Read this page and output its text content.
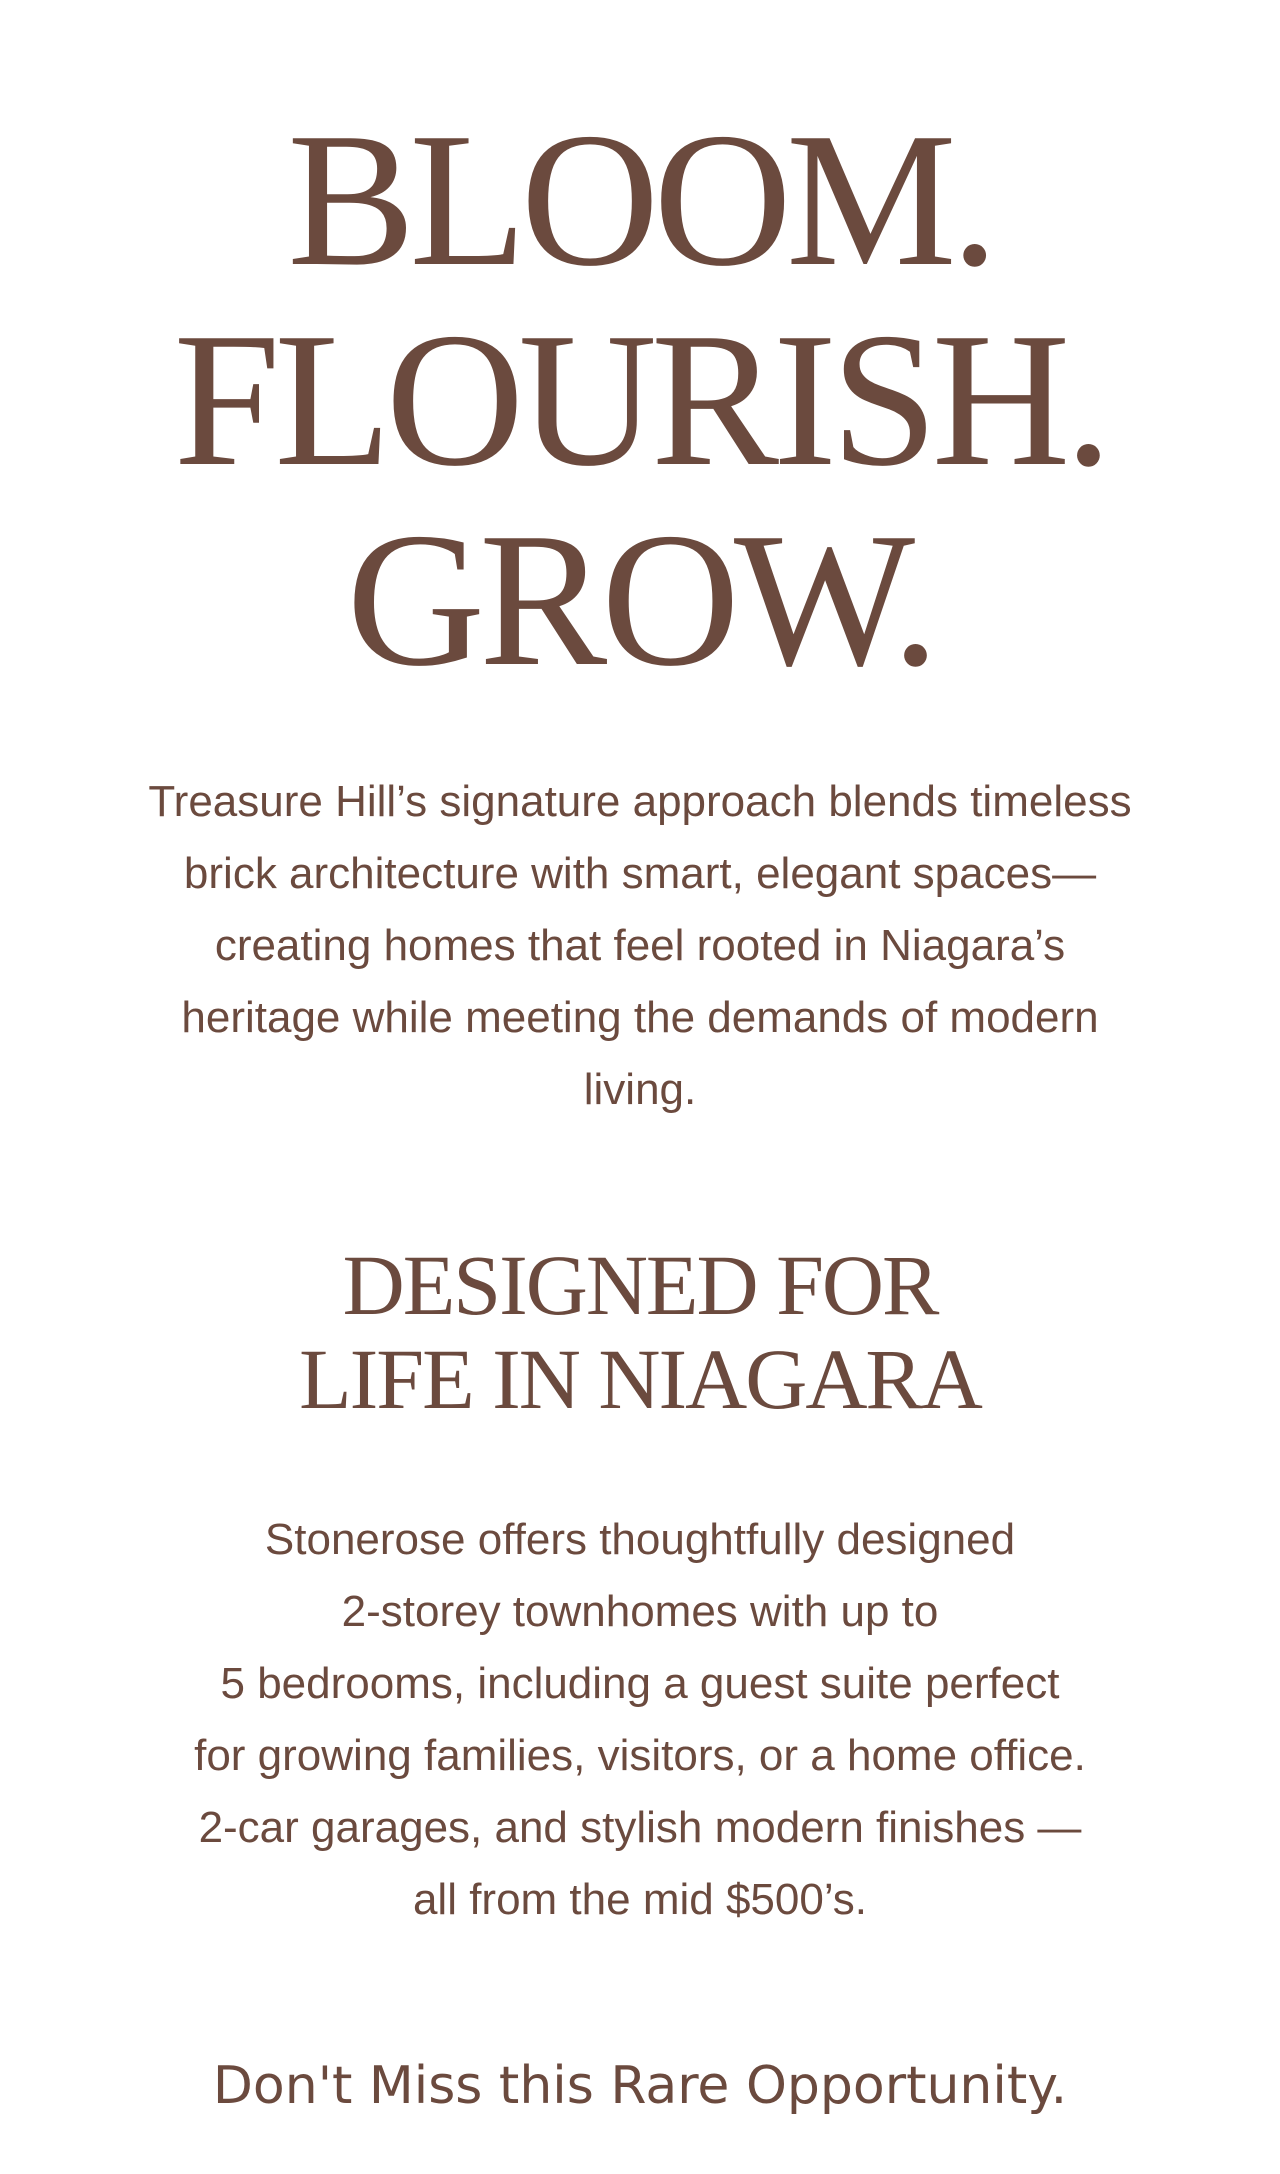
BLOOM.
FLOURISH.
GROW.

Treasure Hill’s signature approach blends timeless brick architecture with smart, elegant spaces—creating homes that feel rooted in Niagara’s heritage while meeting the demands of modern living.

DESIGNED FOR
LIFE IN NIAGARA

Stonerose offers thoughtfully designed
2-storey townhomes with up to
5 bedrooms, including a guest suite perfect
for growing families, visitors, or a home office.
2-car garages, and stylish modern finishes —
all from the mid $500’s.

Don't Miss this Rare Opportunity.
